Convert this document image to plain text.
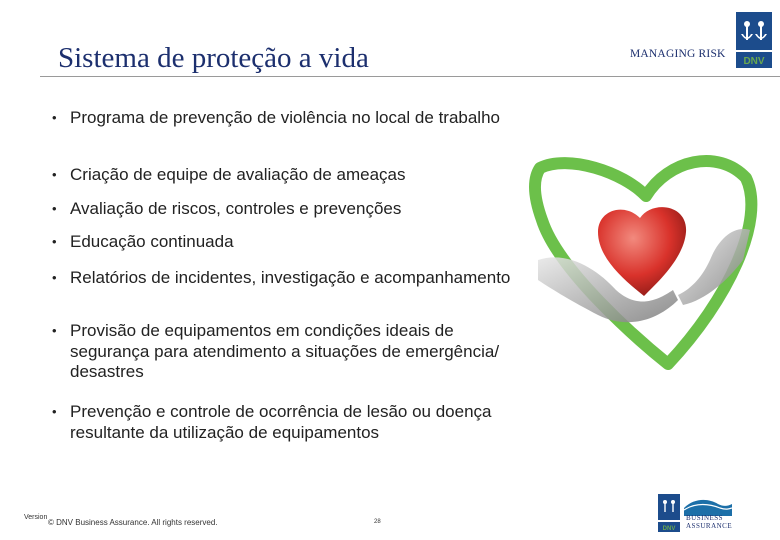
Sistema de proteção a vida	MANAGING RISK
DNV
• Programa de prevenção de violência no local de trabalho
• Criação de equipe de avaliação de ameaças
• Avaliação de riscos, controles e prevenções
• Educação continuada
• Relatórios de incidentes, investigação e acompanhamento
• Provisão de equipamentos em condições ideais de segurança para atendimento a situações de emergência/ desastres
• Prevenção e controle de ocorrência de lesão ou doença resultante da utilização de equipamentos
Version
© DNV Business Assurance. All rights reserved.	28
DNV
BUSINESS
ASSURANCE
